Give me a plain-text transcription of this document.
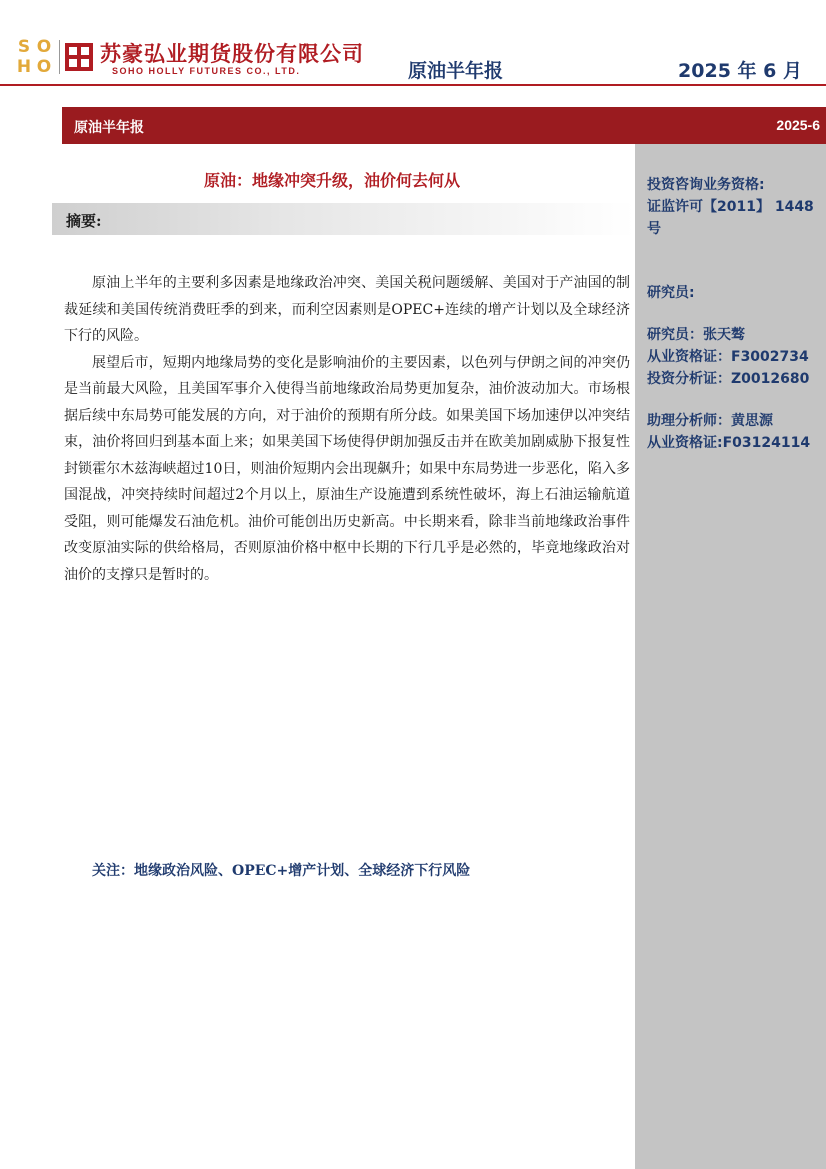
S O
H O
苏豪弘业期货股份有限公司
SOHO HOLLY FUTURES CO., LTD.	原油半年报	2025 年 6 月
原油半年报	2025-6
投资咨询业务资格:
证监许可【2011】 1448
号
研究员:
研究员：张天骜
从业资格证：F3002734
投资分析证：Z0012680
助理分析师：黄思源
从业资格证:F03124114
原油：地缘冲突升级，油价何去何从
摘要:

原油上半年的主要利多因素是地缘政治冲突、美国关税问题缓解、美国对于产油国的制裁延续和美国传统消费旺季的到来，而利空因素则是OPEC+连续的增产计划以及全球经济下行的风险。

展望后市，短期内地缘局势的变化是影响油价的主要因素，以色列与伊朗之间的冲突仍是当前最大风险，且美国军事介入使得当前地缘政治局势更加复杂，油价波动加大。市场根据后续中东局势可能发展的方向，对于油价的预期有所分歧。如果美国下场加速伊以冲突结束，油价将回归到基本面上来；如果美国下场使得伊朗加强反击并在欧美加剧威胁下报复性封锁霍尔木兹海峡超过10日，则油价短期内会出现飙升；如果中东局势进一步恶化，陷入多国混战，冲突持续时间超过2个月以上，原油生产设施遭到系统性破坏，海上石油运输航道受阻，则可能爆发石油危机。油价可能创出历史新高。中长期来看，除非当前地缘政治事件改变原油实际的供给格局，否则原油价格中枢中长期的下行几乎是必然的，毕竟地缘政治对油价的支撑只是暂时的。

关注：地缘政治风险、OPEC+增产计划、全球经济下行风险
